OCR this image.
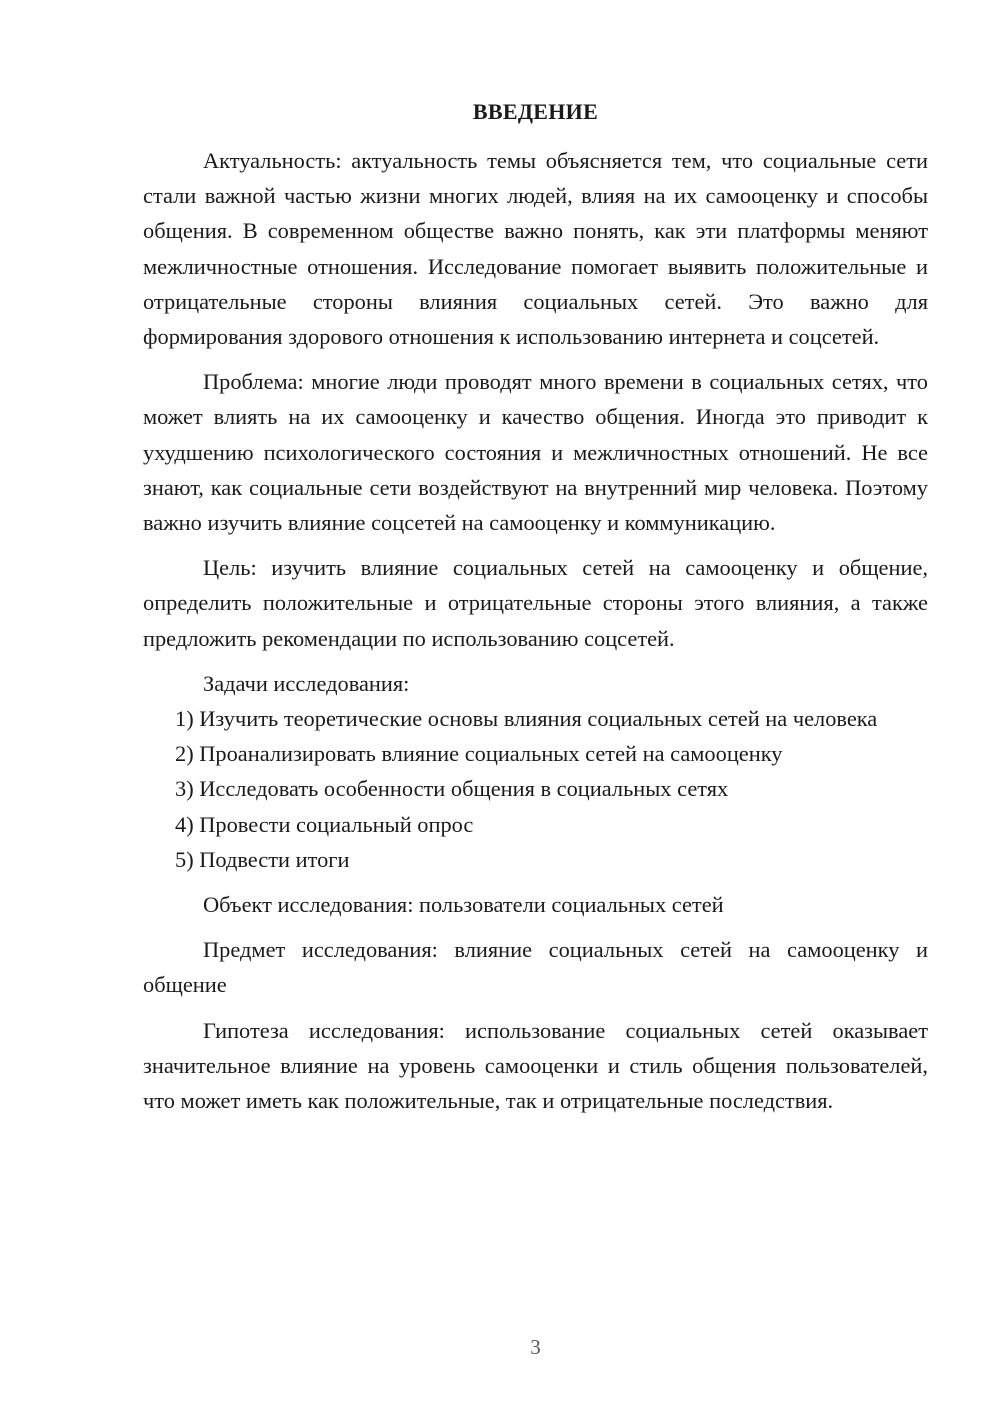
ВВЕДЕНИЕ

Актуальность: актуальность темы объясняется тем, что социальные сети стали важной частью жизни многих людей, влияя на их самооценку и способы общения. В современном обществе важно понять, как эти платформы меняют межличностные отношения. Исследование помогает выявить положительные и отрицательные стороны влияния социальных сетей. Это важно для формирования здорового отношения к использованию интернета и соцсетей.

Проблема: многие люди проводят много времени в социальных сетях, что может влиять на их самооценку и качество общения. Иногда это приводит к ухудшению психологического состояния и межличностных отношений. Не все знают, как социальные сети воздействуют на внутренний мир человека. Поэтому важно изучить влияние соцсетей на самооценку и коммуникацию.

Цель: изучить влияние социальных сетей на самооценку и общение, определить положительные и отрицательные стороны этого влияния, а также предложить рекомендации по использованию соцсетей.

Задачи исследования:

1) Изучить теоретические основы влияния социальных сетей на человека

2) Проанализировать влияние социальных сетей на самооценку

3) Исследовать особенности общения в социальных сетях

4) Провести социальный опрос

5) Подвести итоги

Объект исследования: пользователи социальных сетей

Предмет исследования: влияние социальных сетей на самооценку и общение

Гипотеза исследования: использование социальных сетей оказывает значительное влияние на уровень самооценки и стиль общения пользователей, что может иметь как положительные, так и отрицательные последствия.

3
